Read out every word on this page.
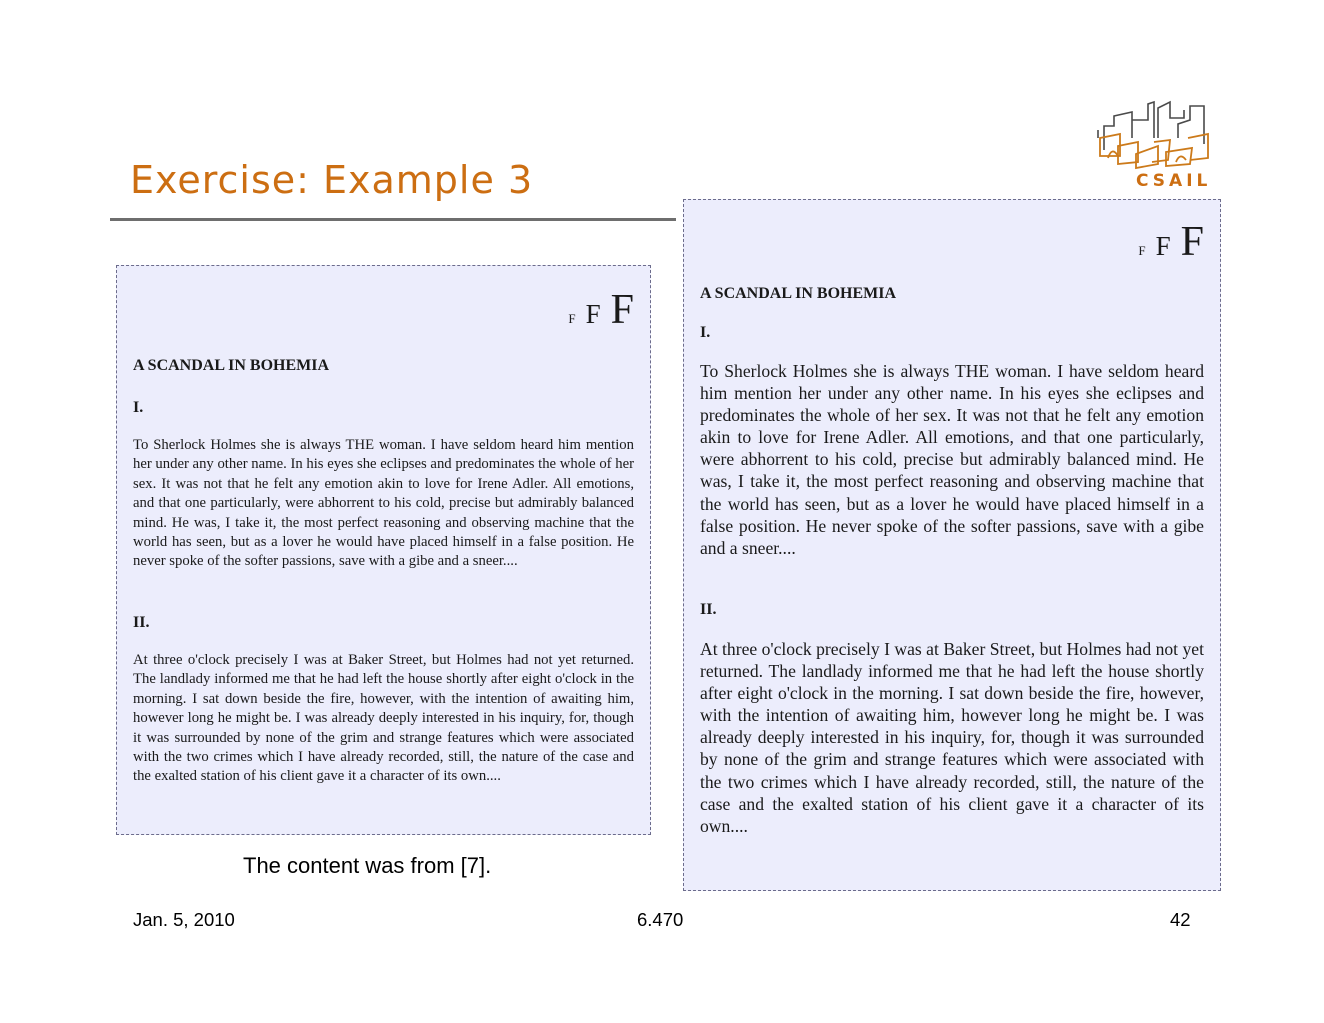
Exercise: Example 3	CSAIL
F F F
A SCANDAL IN BOHEMIA
I.
To Sherlock Holmes she is always THE woman. I have seldom heard him mention her under any other name. In his eyes she eclipses and predominates the whole of her sex. It was not that he felt any emotion akin to love for Irene Adler. All emotions, and that one particularly, were abhorrent to his cold, precise but admirably balanced mind. He was, I take it, the most perfect reasoning and observing machine that the world has seen, but as a lover he would have placed himself in a false position. He never spoke of the softer passions, save with a gibe and a sneer....
II.
At three o'clock precisely I was at Baker Street, but Holmes had not yet returned. The landlady informed me that he had left the house shortly after eight o'clock in the morning. I sat down beside the fire, however, with the intention of awaiting him, however long he might be. I was already deeply interested in his inquiry, for, though it was surrounded by none of the grim and strange features which were associated with the two crimes which I have already recorded, still, the nature of the case and the exalted station of his client gave it a character of its own....
F F F
A SCANDAL IN BOHEMIA
I.
To Sherlock Holmes she is always THE woman. I have seldom heard him mention her under any other name. In his eyes she eclipses and predominates the whole of her sex. It was not that he felt any emotion akin to love for Irene Adler. All emotions, and that one particularly, were abhorrent to his cold, precise but admirably balanced mind. He was, I take it, the most perfect reasoning and observing machine that the world has seen, but as a lover he would have placed himself in a false position. He never spoke of the softer passions, save with a gibe and a sneer....
II.
At three o'clock precisely I was at Baker Street, but Holmes had not yet returned. The landlady informed me that he had left the house shortly after eight o'clock in the morning. I sat down beside the fire, however, with the intention of awaiting him, however long he might be. I was already deeply interested in his inquiry, for, though it was surrounded by none of the grim and strange features which were associated with the two crimes which I have already recorded, still, the nature of the case and the exalted station of his client gave it a character of its own....
The content was from [7].
Jan. 5, 2010	6.470	42
